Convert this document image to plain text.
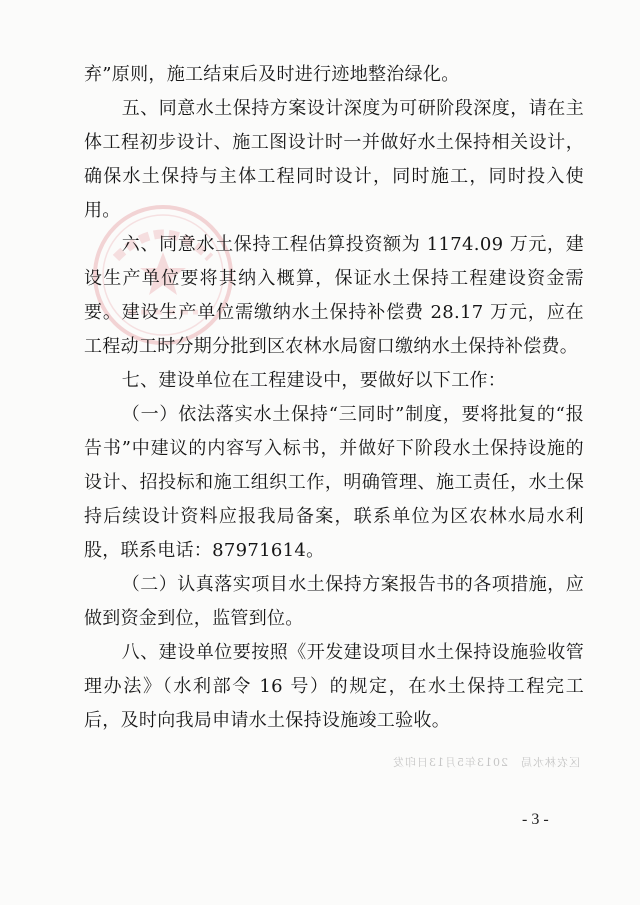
弃”原则，施工结束后及时进行迹地整治绿化。

五、同意水土保持方案设计深度为可研阶段深度，请在主体工程初步设计、施工图设计时一并做好水土保持相关设计，确保水土保持与主体工程同时设计，同时施工，同时投入使用。

六、同意水土保持工程估算投资额为 1174.09 万元，建设生产单位要将其纳入概算，保证水土保持工程建设资金需要。建设生产单位需缴纳水土保持补偿费 28.17 万元，应在工程动工时分期分批到区农林水局窗口缴纳水土保持补偿费。

七、建设单位在工程建设中，要做好以下工作：

（一）依法落实水土保持“三同时”制度，要将批复的“报告书”中建议的内容写入标书，并做好下阶段水土保持设施的设计、招投标和施工组织工作，明确管理、施工责任，水土保持后续设计资料应报我局备案，联系单位为区农林水局水利股，联系电话：87971614。

（二）认真落实项目水土保持方案报告书的各项措施，应做到资金到位，监管到位。

八、建设单位要按照《开发建设项目水土保持设施验收管理办法》（水利部令 16 号）的规定，在水土保持工程完工后，及时向我局申请水土保持设施竣工验收。

区农林水局2013年5月13日印发
- 3 -
